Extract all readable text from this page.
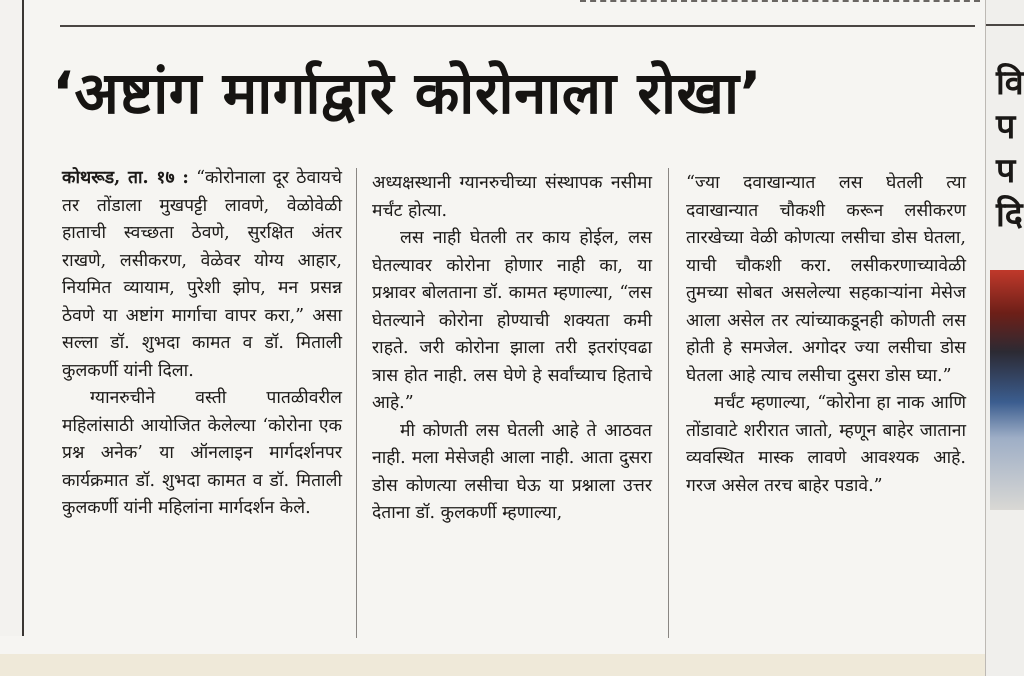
‘अष्टांग मार्गाद्वारे कोरोनाला रोखा’

कोथरूड, ता. १७ : “कोरोनाला दूर ठेवायचे तर तोंडाला मुखपट्टी लावणे, वेळोवेळी हाताची स्वच्छता ठेवणे, सुरक्षित अंतर राखणे, लसीकरण, वेळेवर योग्य आहार, नियमित व्यायाम, पुरेशी झोप, मन प्रसन्न ठेवणे या अष्टांग मार्गाचा वापर करा,” असा सल्ला डॉ. शुभदा कामत व डॉ. मिताली कुलकर्णी यांनी दिला.

ग्यानरुचीने वस्ती पातळीवरील महिलांसाठी आयोजित केलेल्या ‘कोरोना एक प्रश्न अनेक’ या ऑनलाइन मार्गदर्शनपर कार्यक्रमात डॉ. शुभदा कामत व डॉ. मिताली कुलकर्णी यांनी महिलांना मार्गदर्शन केले.

अध्यक्षस्थानी ग्यानरुचीच्या संस्थापक नसीमा मर्चंट होत्या.

लस नाही घेतली तर काय होईल, लस घेतल्यावर कोरोना होणार नाही का, या प्रश्नावर बोलताना डॉ. कामत म्हणाल्या, “लस घेतल्याने कोरोना होण्याची शक्यता कमी राहते. जरी कोरोना झाला तरी इतरांएवढा त्रास होत नाही. लस घेणे हे सर्वांच्याच हिताचे आहे.”

मी कोणती लस घेतली आहे ते आठवत नाही. मला मेसेजही आला नाही. आता दुसरा डोस कोणत्या लसीचा घेऊ या प्रश्नाला उत्तर देताना डॉ. कुलकर्णी म्हणाल्या,

“ज्या दवाखान्यात लस घेतली त्या दवाखान्यात चौकशी करून लसीकरण तारखेच्या वेळी कोणत्या लसीचा डोस घेतला, याची चौकशी करा. लसीकरणाच्यावेळी तुमच्या सोबत असलेल्या सहकाऱ्यांना मेसेज आला असेल तर त्यांच्याकडूनही कोणती लस होती हे समजेल. अगोदर ज्या लसीचा डोस घेतला आहे त्याच लसीचा दुसरा डोस घ्या.”

मर्चंट म्हणाल्या, “कोरोना हा नाक आणि तोंडावाटे शरीरात जातो, म्हणून बाहेर जाताना व्यवस्थित मास्क लावणे आवश्यक आहे. गरज असेल तरच बाहेर पडावे.”

वि
प
प
दि
